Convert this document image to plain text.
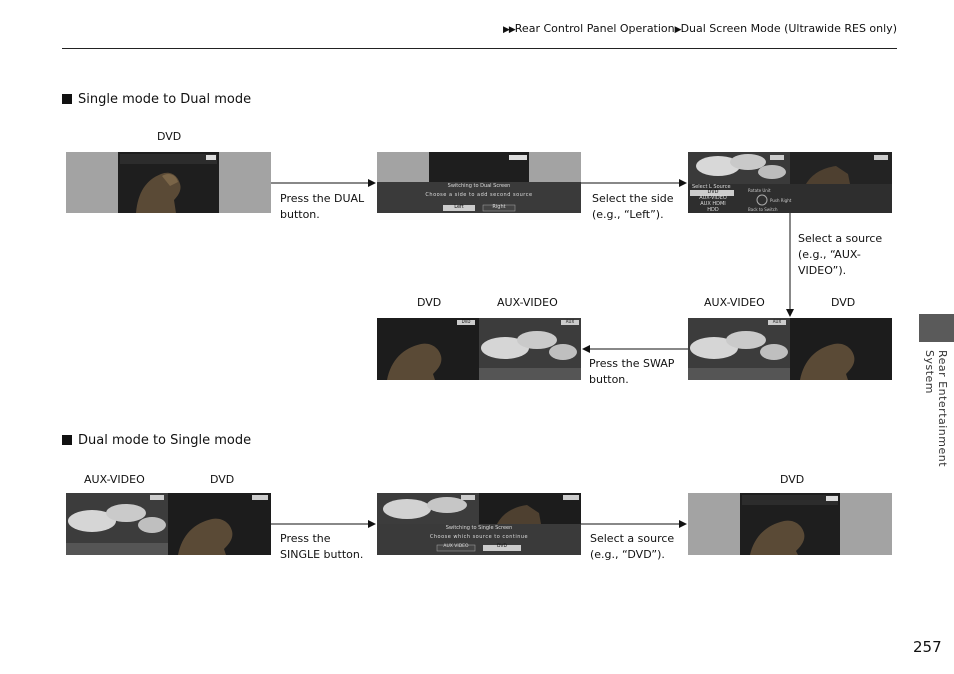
▶▶Rear Control Panel Operation▶Dual Screen Mode (Ultrawide RES only)
Single mode to Dual mode
DVD
Switching to Dual Screen
Choose a side to add second source
Left	Right
Select L Source
DVD
AUX-VIDEO
AUX HDMI
HDD
Rotate Unit
Push Right
Back to Switch
Press the DUAL
button.
Select the side
(e.g., “Left”).
Select a source
(e.g., “AUX-
VIDEO”).
DVD	AUX-VIDEO	AUX-VIDEO	DVD
DVD	AUX	AUX
Press the SWAP
button.
Dual mode to Single mode
AUX-VIDEO	DVD	DVD
Switching to Single Screen
Choose which source to continue
AUX VIDEO	DVD
Press the
SINGLE button.
Select a source
(e.g., “DVD”).
Rear Entertainment System
257
